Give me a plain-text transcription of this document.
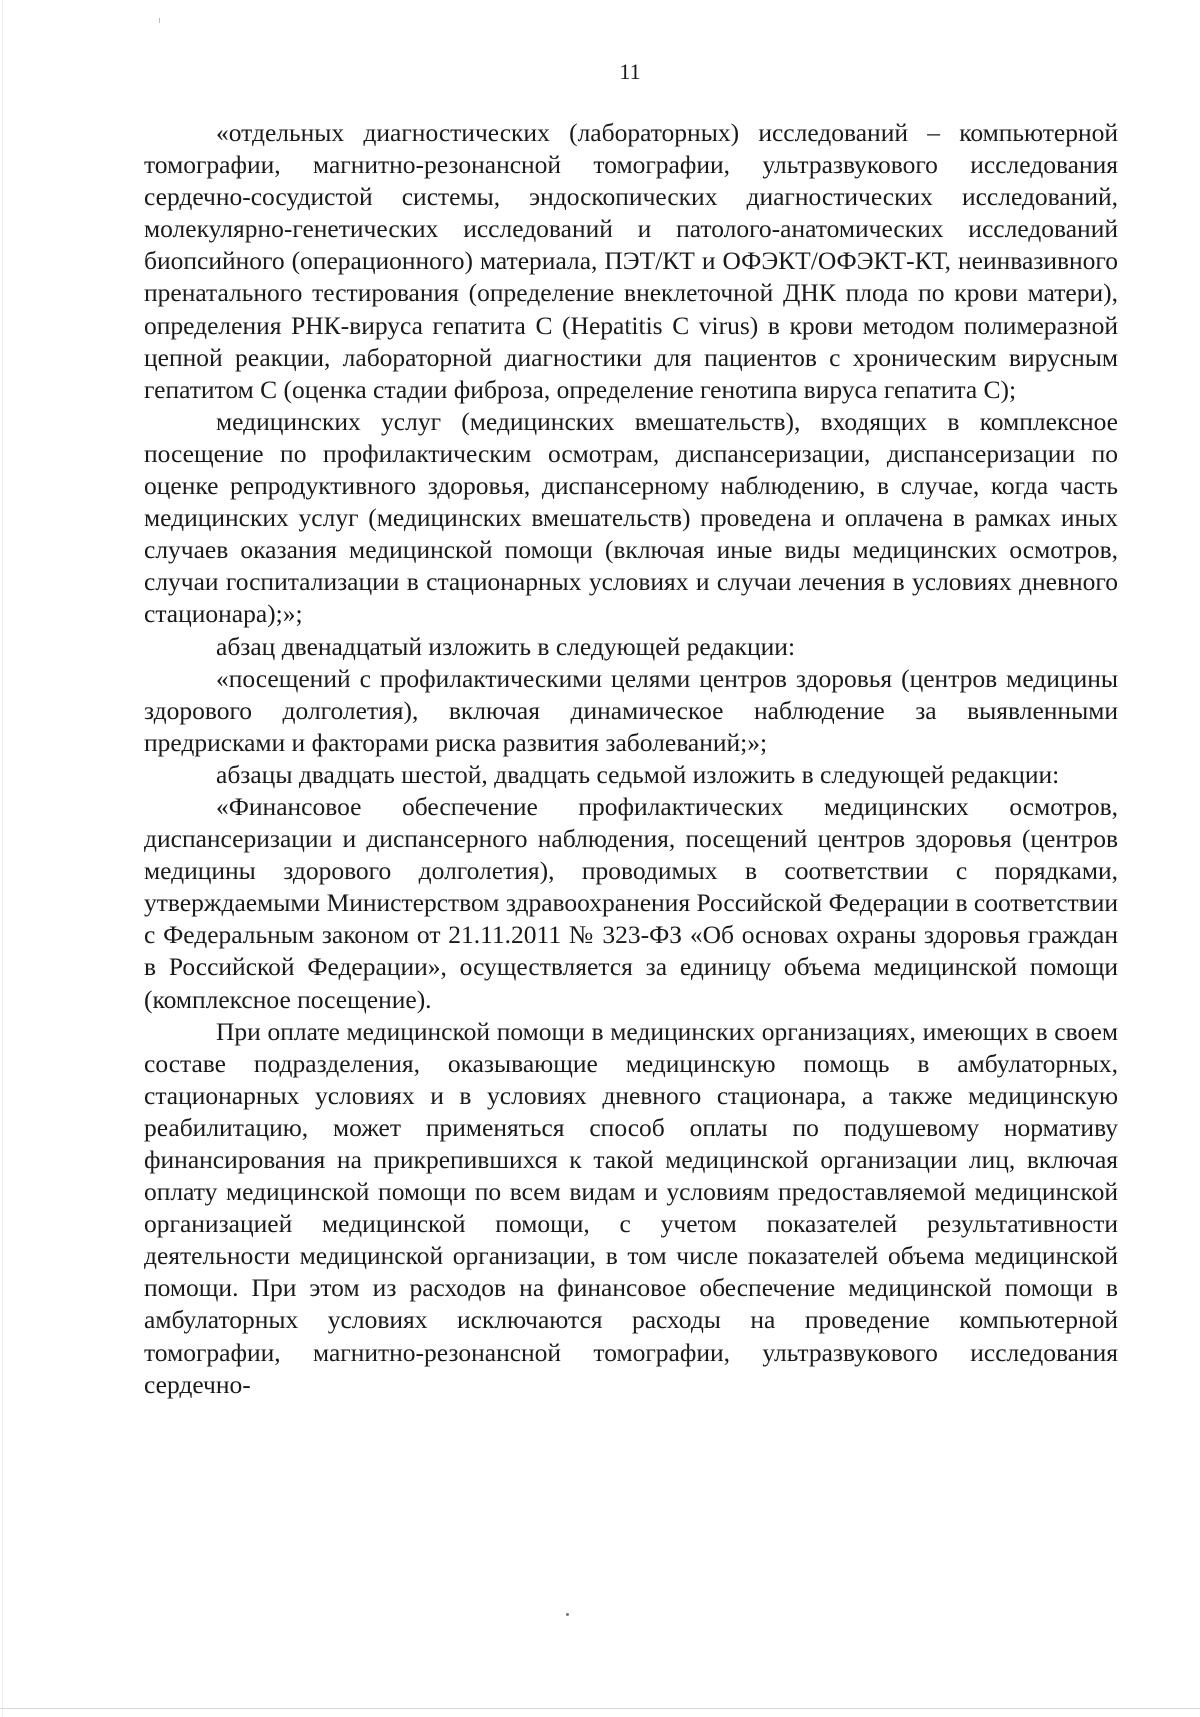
11

«отдельных диагностических (лабораторных) исследований – компьютерной томографии, магнитно-резонансной томографии, ультразвукового исследования сердечно-сосудистой системы, эндоскопических диагностических исследований, молекулярно-генетических исследований и патолого-анатомических исследований биопсийного (операционного) материала, ПЭТ/КТ и ОФЭКТ/ОФЭКТ-КТ, неинвазивного пренатального тестирования (определение внеклеточной ДНК плода по крови матери), определения РНК-вируса гепатита С (Hepatitis C virus) в крови методом полимеразной цепной реакции, лабораторной диагностики для пациентов с хроническим вирусным гепатитом С (оценка стадии фиброза, определение генотипа вируса гепатита С);

медицинских услуг (медицинских вмешательств), входящих в комплексное посещение по профилактическим осмотрам, диспансеризации, диспансеризации по оценке репродуктивного здоровья, диспансерному наблюдению, в случае, когда часть медицинских услуг (медицинских вмешательств) проведена и оплачена в рамках иных случаев оказания медицинской помощи (включая иные виды медицинских осмотров, случаи госпитализации в стационарных условиях и случаи лечения в условиях дневного стационара);»;

абзац двенадцатый изложить в следующей редакции:

«посещений с профилактическими целями центров здоровья (центров медицины здорового долголетия), включая динамическое наблюдение за выявленными предрисками и факторами риска развития заболеваний;»;

абзацы двадцать шестой, двадцать седьмой изложить в следующей редакции:

«Финансовое обеспечение профилактических медицинских осмотров, диспансеризации и диспансерного наблюдения, посещений центров здоровья (центров медицины здорового долголетия), проводимых в соответствии с порядками, утверждаемыми Министерством здравоохранения Российской Федерации в соответствии с Федеральным законом от 21.11.2011 № 323-ФЗ «Об основах охраны здоровья граждан в Российской Федерации», осуществляется за единицу объема медицинской помощи (комплексное посещение).

При оплате медицинской помощи в медицинских организациях, имеющих в своем составе подразделения, оказывающие медицинскую помощь в амбулаторных, стационарных условиях и в условиях дневного стационара, а также медицинскую реабилитацию, может применяться способ оплаты по подушевому нормативу финансирования на прикрепившихся к такой медицинской организации лиц, включая оплату медицинской помощи по всем видам и условиям предоставляемой медицинской организацией медицинской помощи, с учетом показателей результативности деятельности медицинской организации, в том числе показателей объема медицинской помощи. При этом из расходов на финансовое обеспечение медицинской помощи в амбулаторных условиях исключаются расходы на проведение компьютерной томографии, магнитно-резонансной томографии, ультразвукового исследования сердечно-
